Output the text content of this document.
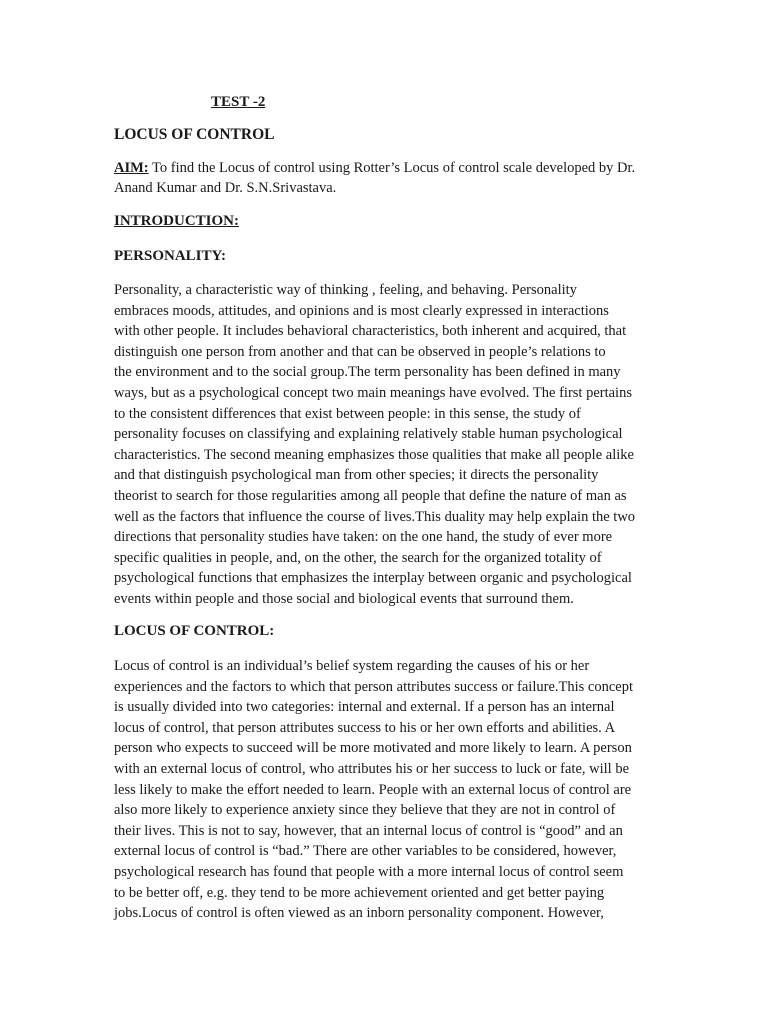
TEST -2
LOCUS OF CONTROL
AIM: To find the Locus of control using Rotter’s Locus of control scale developed by Dr.
Anand Kumar and Dr. S.N.Srivastava.
INTRODUCTION:
PERSONALITY:
Personality, a characteristic way of thinking , feeling, and behaving. Personality
embraces moods, attitudes, and opinions and is most clearly expressed in interactions
with other people. It includes behavioral characteristics, both inherent and acquired, that
distinguish one person from another and that can be observed in people’s relations to
the environment and to the social group.The term personality has been defined in many
ways, but as a psychological concept two main meanings have evolved. The first pertains
to the consistent differences that exist between people: in this sense, the study of
personality focuses on classifying and explaining relatively stable human psychological
characteristics. The second meaning emphasizes those qualities that make all people alike
and that distinguish psychological man from other species; it directs the personality
theorist to search for those regularities among all people that define the nature of man as
well as the factors that influence the course of lives.This duality may help explain the two
directions that personality studies have taken: on the one hand, the study of ever more
specific qualities in people, and, on the other, the search for the organized totality of
psychological functions that emphasizes the interplay between organic and psychological
events within people and those social and biological events that surround them.
LOCUS OF CONTROL:
Locus of control is an individual’s belief system regarding the causes of his or her
experiences and the factors to which that person attributes success or failure.This concept
is usually divided into two categories: internal and external. If a person has an internal
locus of control, that person attributes success to his or her own efforts and abilities. A
person who expects to succeed will be more motivated and more likely to learn. A person
with an external locus of control, who attributes his or her success to luck or fate, will be
less likely to make the effort needed to learn. People with an external locus of control are
also more likely to experience anxiety since they believe that they are not in control of
their lives. This is not to say, however, that an internal locus of control is “good” and an
external locus of control is “bad.” There are other variables to be considered, however,
psychological research has found that people with a more internal locus of control seem
to be better off, e.g. they tend to be more achievement oriented and get better paying
jobs.Locus of control is often viewed as an inborn personality component. However,
